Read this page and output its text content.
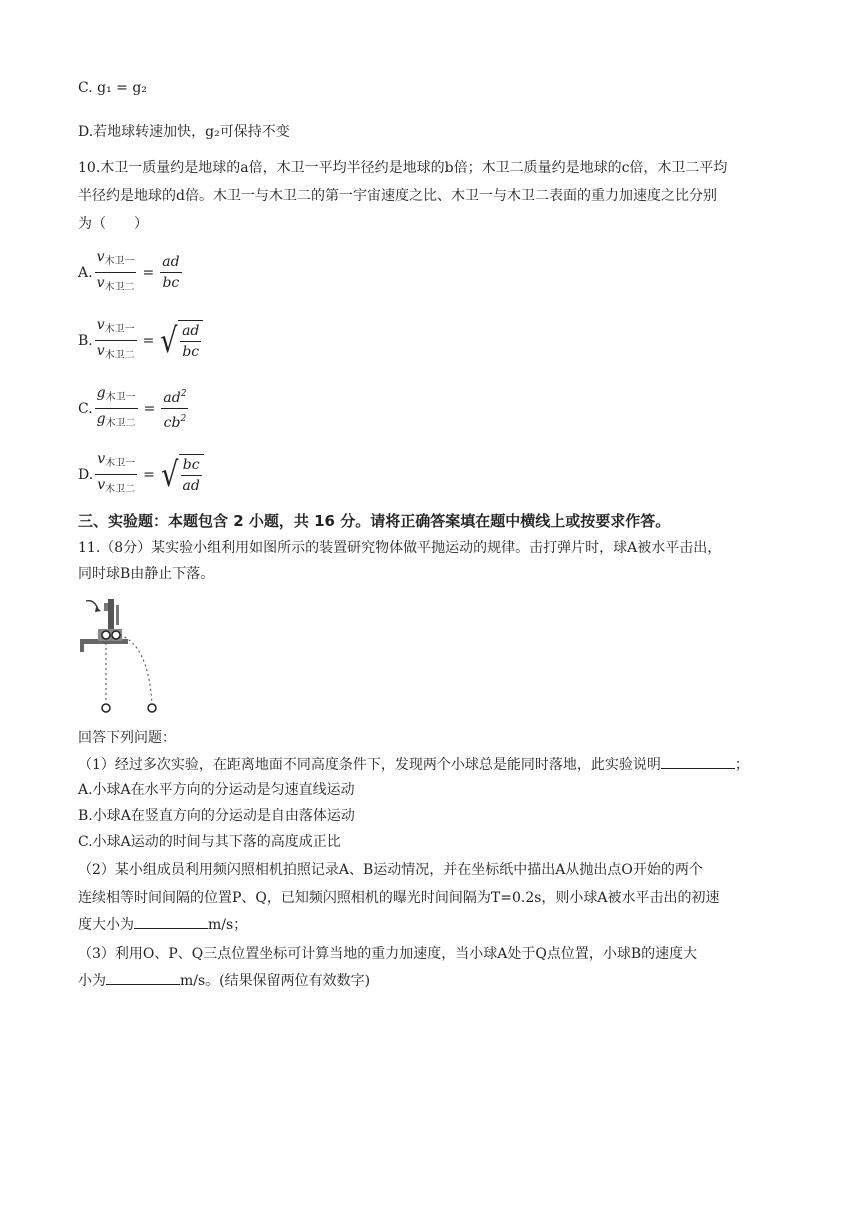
C. g₁ = g₂
D.若地球转速加快，g₂可保持不变
10.木卫一质量约是地球的a倍，木卫一平均半径约是地球的b倍；木卫二质量约是地球的c倍，木卫二平均
半径约是地球的d倍。木卫一与木卫二的第一宇宙速度之比、木卫一与木卫二表面的重力加速度之比分别
为（　　）
A. $\frac{v_{木卫一}}{v_{木卫二}} = \frac{ad}{bc}$
B. $\frac{v_{木卫一}}{v_{木卫二}}$ = √ $\frac{ad}{bc}$
C. $\frac{g_{木卫一}}{g_{木卫二}} = \frac{ad^2}{cb^2}$
D. $\frac{v_{木卫一}}{v_{木卫二}}$ = √ $\frac{bc}{ad}$
三、实验题：本题包含 2 小题，共 16 分。请将正确答案填在题中横线上或按要求作答。
11.（8分）某实验小组利用如图所示的装置研究物体做平抛运动的规律。击打弹片时，球A被水平击出，
同时球B由静止下落。
回答下列问题：
（1）经过多次实验，在距离地面不同高度条件下，发现两个小球总是能同时落地，此实验说明	；
A.小球A在水平方向的分运动是匀速直线运动
B.小球A在竖直方向的分运动是自由落体运动
C.小球A运动的时间与其下落的高度成正比
（2）某小组成员利用频闪照相机拍照记录A、B运动情况，并在坐标纸中描出A从抛出点O开始的两个
连续相等时间间隔的位置P、Q，已知频闪照相机的曝光时间间隔为T=0.2s，则小球A被水平击出的初速
度大小为	m/s；
（3）利用O、P、Q三点位置坐标可计算当地的重力加速度，当小球A处于Q点位置，小球B的速度大
小为	m/s。(结果保留两位有效数字)
